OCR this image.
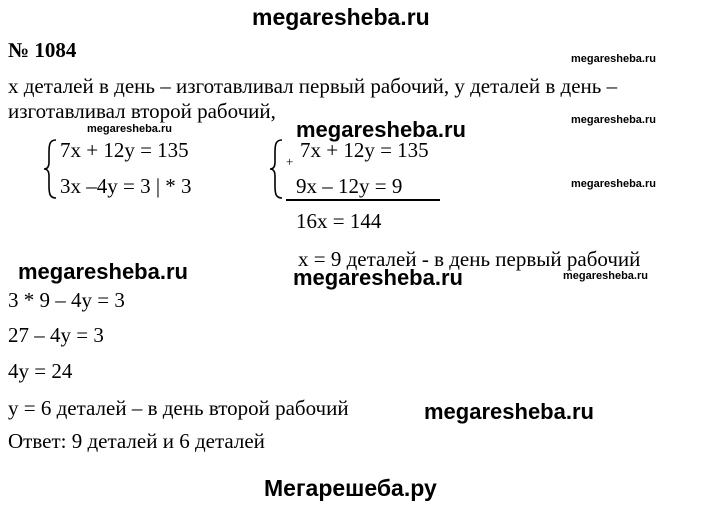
megaresheba.ru
№ 1084	megaresheba.ru
megaresheba.ru
megaresheba.ru
megaresheba.ru
х деталей в день – изготавливал первый рабочий, у деталей в день –
изготавливал второй рабочий,
megaresheba.ru	megaresheba.ru
7x + 12y = 135
3x –4y = 3 | * 3
+ 7x + 12y = 135
9x – 12y = 9
16x = 144
x = 9 деталей - в день первый рабочий
megaresheba.ru	megaresheba.ru
3 * 9 – 4y = 3
27 – 4y = 3
4y = 24
y = 6 деталей – в день второй рабочий	megaresheba.ru
Ответ: 9 деталей и 6 деталей
Мегарешеба.ру
